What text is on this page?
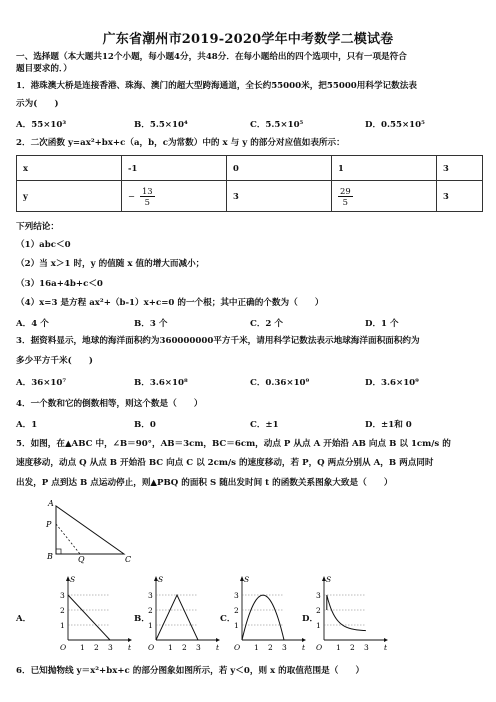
广东省潮州市2019-2020学年中考数学二模试卷
一、选择题（本大题共12个小题，每小题4分，共48分．在每小题给出的四个选项中，只有一项是符合
题目要求的．）
1．港珠澳大桥是连接香港、珠海、澳门的超大型跨海通道，全长约55000米，把55000用科学记数法表
示为(　　)
A．55×10³	B．5.5×10⁴	C．5.5×10⁵	D．0.55×10⁵
2．二次函数 y=ax²+bx+c（a，b，c为常数）中的 x 与 y 的部分对应值如表所示：
x	-1	0	1	3
y	− $\frac{13}{5}$	3	$\frac{29}{5}$	3
下列结论：
（1）abc＜0
（2）当 x＞1 时，y 的值随 x 值的增大而减小；
（3）16a+4b+c＜0
（4）x=3 是方程 ax²+（b-1）x+c=0 的一个根；其中正确的个数为（　　）
A．4 个	B．3 个	C．2 个	D．1 个
3．据资料显示，地球的海洋面积约为360000000平方千米，请用科学记数法表示地球海洋面积面积约为
多少平方千米(　　)
A．36×10⁷	B．3.6×10⁸	C．0.36×10⁹	D．3.6×10⁹
4．一个数和它的倒数相等，则这个数是（　　）
A．1	B．0	C．±1	D．±1和 0
5．如图，在▲ABC 中，∠B＝90°，AB＝3cm，BC＝6cm，动点 P 从点 A 开始沿 AB 向点 B 以 1cm/s 的
速度移动，动点 Q 从点 B 开始沿 BC 向点 C 以 2cm/s 的速度移动，若 P，Q 两点分别从 A，B 两点同时
出发，P 点到达 B 点运动停止，则▲PBQ 的面积 S 随出发时间 t 的函数关系图象大致是（　　）
A
P
B	Q	C
A．	B．	C．	D．
S
t
O 1 2 3
1
2
3
S
t
O 1 2 3
1
2
3
S
t
O 1 2 3
1
2
3
S
t
O 1 2 3
1
2
3
6．已知抛物线 y＝x²+bx+c 的部分图象如图所示，若 y＜0，则 x 的取值范围是（　　）
